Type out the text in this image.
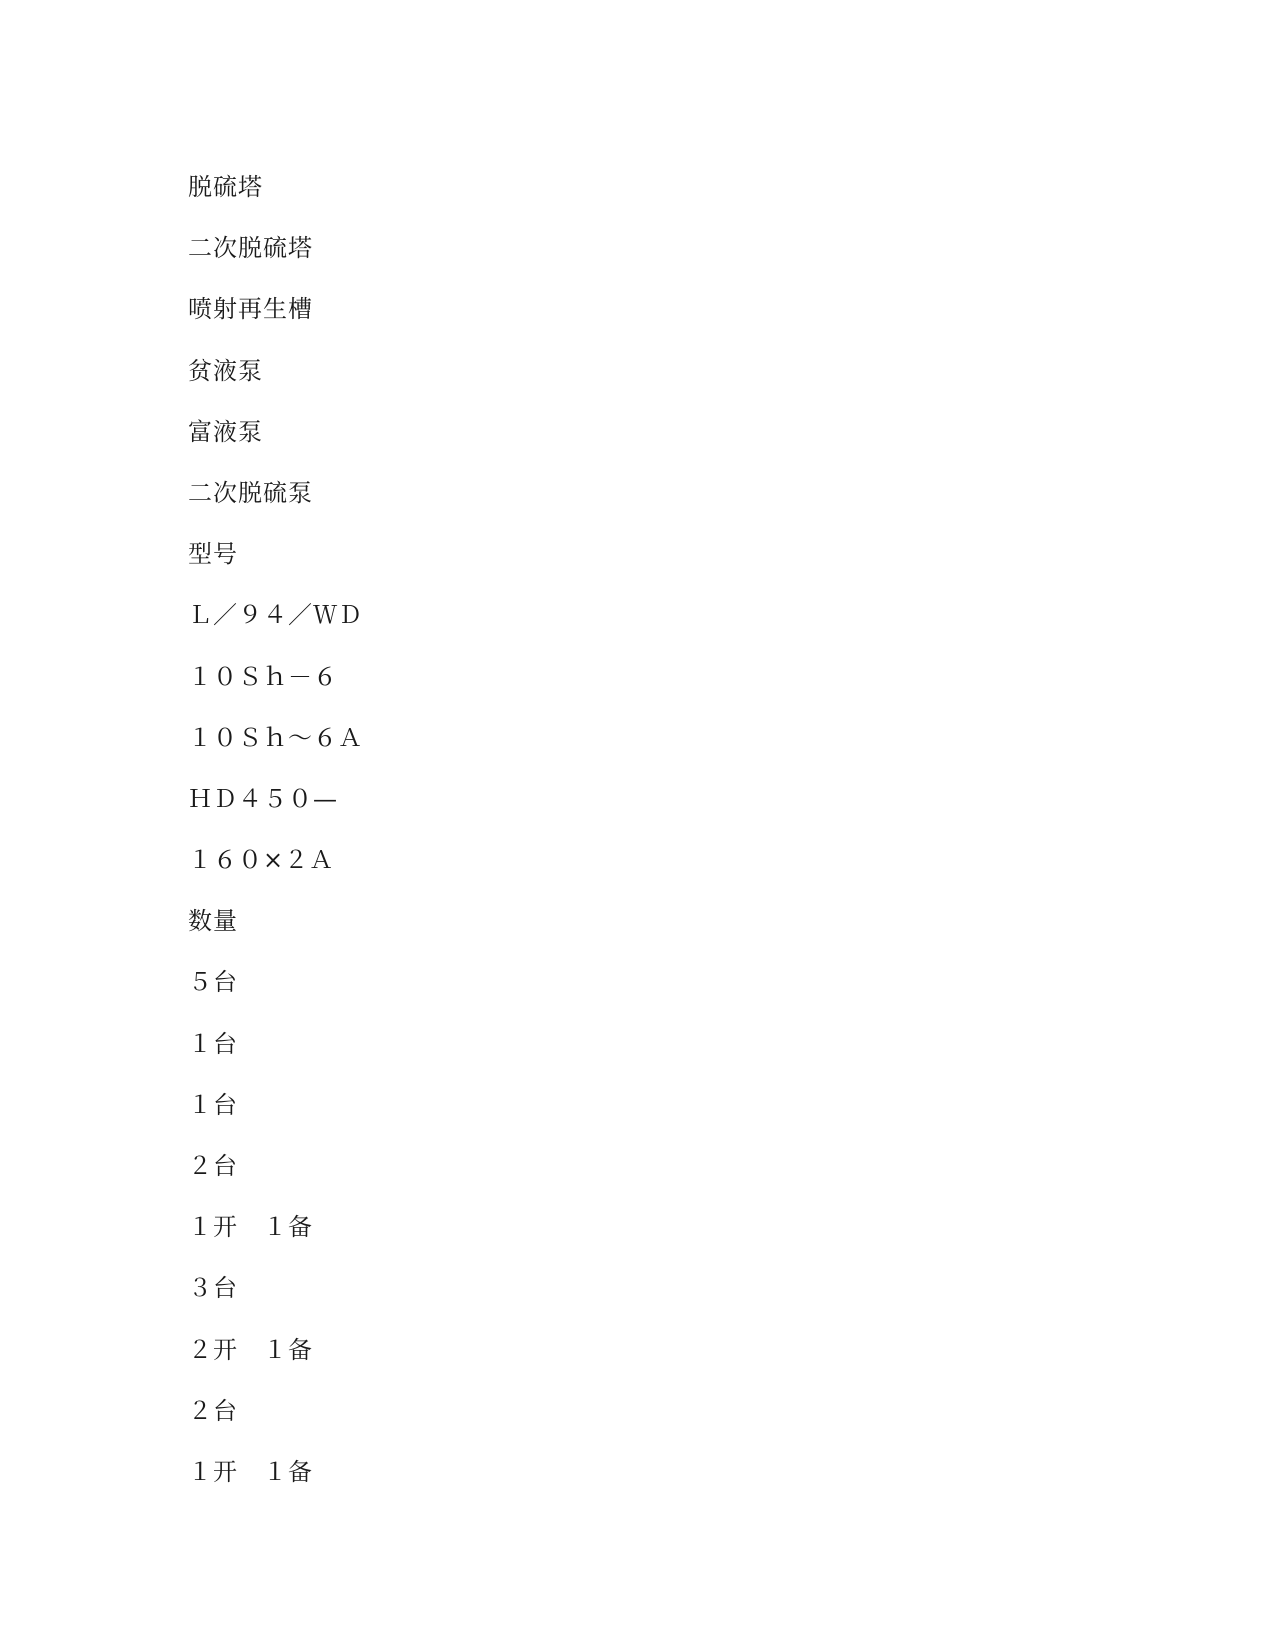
脱硫塔
二次脱硫塔
喷射再生槽
贫液泵
富液泵
二次脱硫泵
型号
Ｌ／９４／ＷＤ
１０Ｓｈ－６
１０Ｓｈ～６Ａ
ＨＤ４５０—
１６０×２Ａ
数量
５台
１台
１台
２台
１开　１备
３台
２开　１备
２台
１开　１备
